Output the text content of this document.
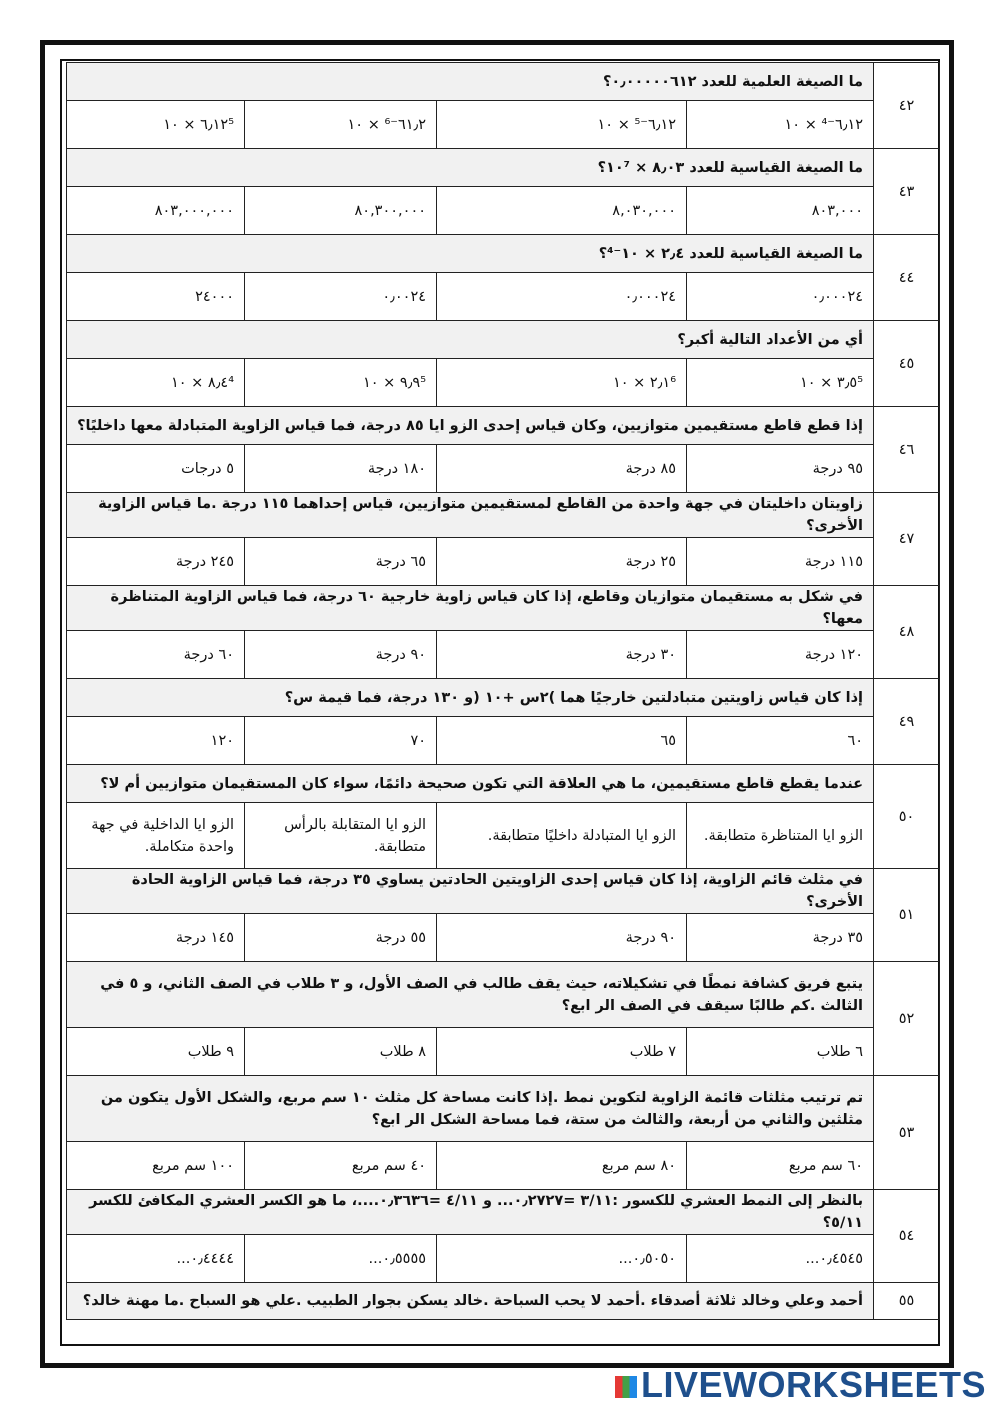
٤٢	ما الصيغة العلمية للعدد ٠٫٠٠٠٠٠٦١٢؟			
	٦٫١٢⁻⁴ × ١٠	٦٫١٢⁻⁵ × ١٠	٦١٫٢⁻⁶ × ١٠	٦٫١٢⁵ × ١٠
٤٣	ما الصيغة القياسية للعدد ٨٫٠٣ × ١٠⁷؟			
	٨٠٣,٠٠٠	٨,٠٣٠,٠٠٠	٨٠,٣٠٠,٠٠٠	٨٠٣,٠٠٠,٠٠٠
٤٤	ما الصيغة القياسية للعدد ٢٫٤ × ١٠⁻⁴؟			
	٠٫٠٠٠٢٤	٠٫٠٠٠٢٤	٠٫٠٠٢٤	٢٤٠٠٠
٤٥	أي من الأعداد التالية أكبر؟			
	٣٫٥⁵ × ١٠	٢٫١⁶ × ١٠	٩٫٩⁵ × ١٠	٨٫٤⁴ × ١٠
٤٦	إذا قطع قاطع مستقيمين متوازيين، وكان قياس إحدى الزو ايا ٨٥ درجة، فما قياس الزاوية المتبادلة معها داخليًا؟			
	٩٥ درجة	٨٥ درجة	١٨٠ درجة	٥ درجات
٤٧	زاويتان داخليتان في جهة واحدة من القاطع لمستقيمين متوازيين، قياس إحداهما ١١٥ درجة .ما قياس الزاوية الأخرى؟			
	١١٥ درجة	٢٥ درجة	٦٥ درجة	٢٤٥ درجة
٤٨	في شكل به مستقيمان متوازيان وقاطع، إذا كان قياس زاوية خارجية ٦٠ درجة، فما قياس الزاوية المتناظرة معها؟			
	١٢٠ درجة	٣٠ درجة	٩٠ درجة	٦٠ درجة
٤٩	إذا كان قياس زاويتين متبادلتين خارجيًا هما )٢س +١٠ (و ١٣٠ درجة، فما قيمة س؟			
	٦٠	٦٥	٧٠	١٢٠
٥٠	عندما يقطع قاطع مستقيمين، ما هي العلاقة التي تكون صحيحة دائمًا، سواء كان المستقيمان متوازيين أم لا؟			
	الزو ايا المتناظرة متطابقة.	الزو ايا المتبادلة داخليًا متطابقة.	الزو ايا المتقابلة بالرأس متطابقة.	الزو ايا الداخلية في جهة واحدة متكاملة.
٥١	في مثلث قائم الزاوية، إذا كان قياس إحدى الزاويتين الحادتين يساوي ٣٥ درجة، فما قياس الزاوية الحادة الأخرى؟			
	٣٥ درجة	٩٠ درجة	٥٥ درجة	١٤٥ درجة
٥٢	يتبع فريق كشافة نمطًا في تشكيلاته، حيث يقف طالب في الصف الأول، و ٣ طلاب في الصف الثاني، و ٥ في الثالث .كم طالبًا سيقف في الصف الر ابع؟			
	٦ طلاب	٧ طلاب	٨ طلاب	٩ طلاب
٥٣	تم ترتيب مثلثات قائمة الزاوية لتكوين نمط .إذا كانت مساحة كل مثلث ١٠ سم مربع، والشكل الأول يتكون من مثلثين والثاني من أربعة، والثالث من ستة، فما مساحة الشكل الر ابع؟			
	٦٠ سم مربع	٨٠ سم مربع	٤٠ سم مربع	١٠٠ سم مربع
٥٤	بالنظر إلى النمط العشري للكسور :٣/١١ =٠٫٢٧٢٧... و ٤/١١ =٠٫٣٦٣٦....، ما هو الكسر العشري المكافئ للكسر ٥/١١؟			
	٠٫٤٥٤٥...	٠٫٥٠٥٠...	٠٫٥٥٥٥...	٠٫٤٤٤٤...
٥٥	أحمد وعلي وخالد ثلاثة أصدقاء .أحمد لا يحب السباحة .خالد يسكن بجوار الطبيب .علي هو السباح .ما مهنة خالد؟			
LIVEWORKSHEETS
